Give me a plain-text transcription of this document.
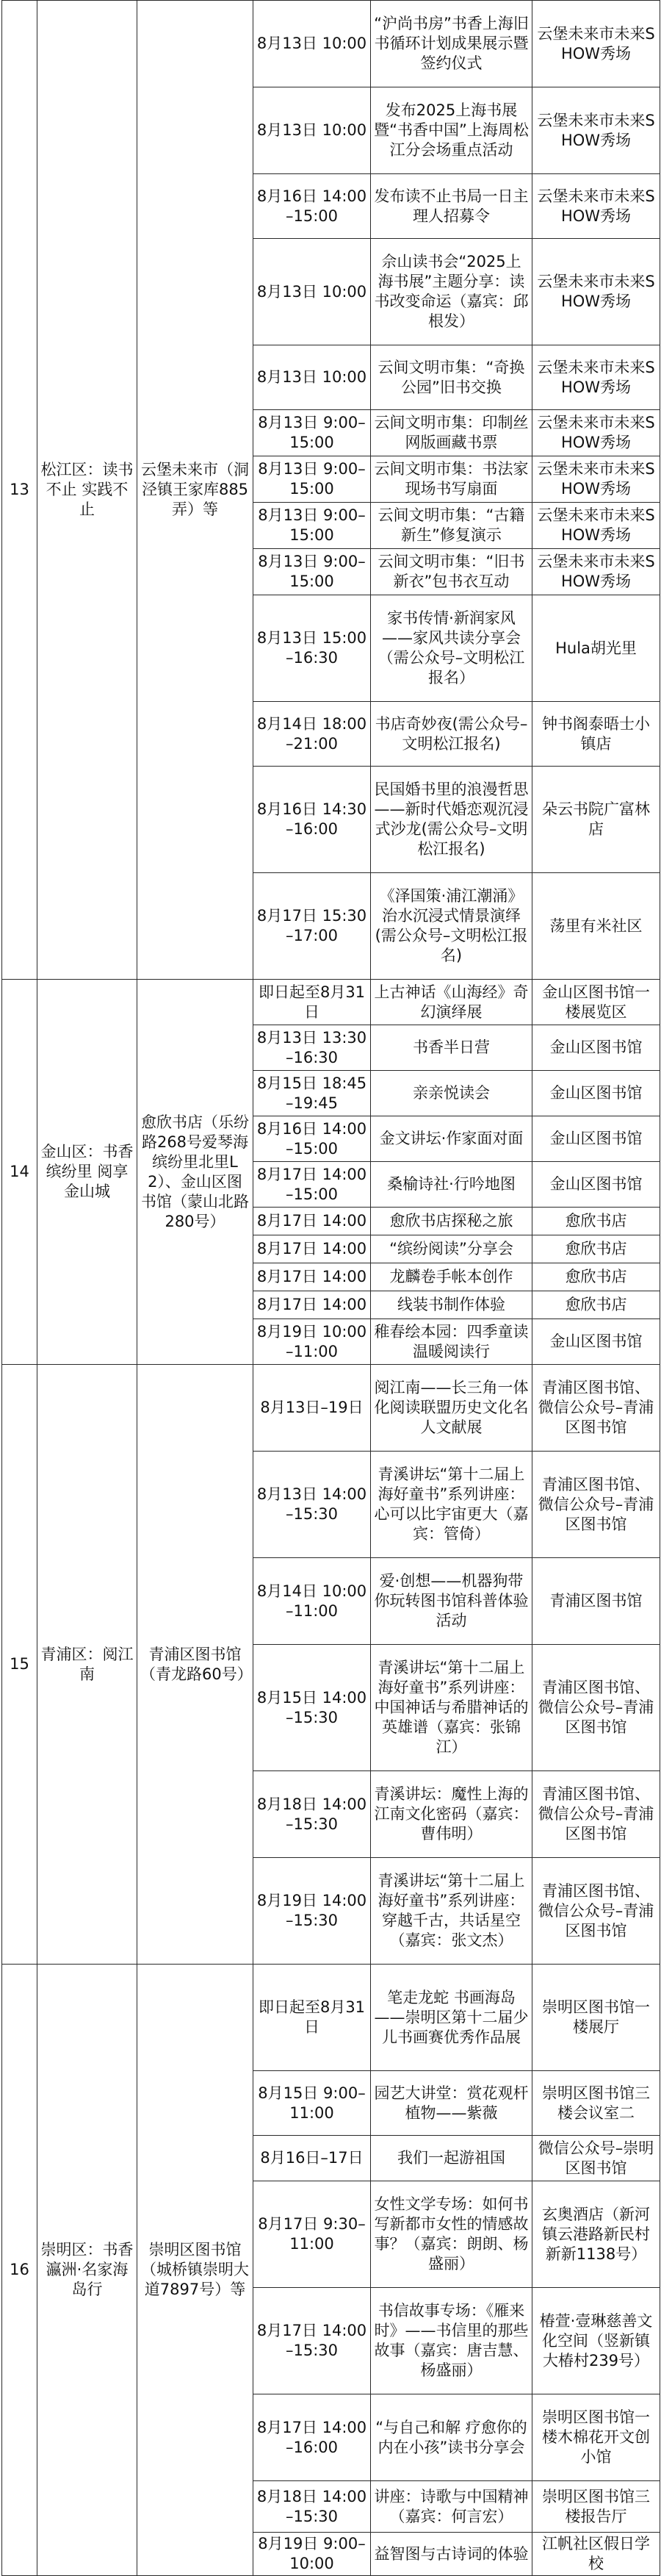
13	松江区：读书不止 实践不止	云堡未来市（洞泾镇王家库885弄）等	8月13日 10:00	“沪尚书房”书香上海旧书循环计划成果展示暨签约仪式	云堡未来市未来SHOW秀场
			8月13日 10:00	发布2025上海书展暨“书香中国”上海周松江分会场重点活动	云堡未来市未来SHOW秀场
			8月16日 14:00–15:00	发布读不止书局一日主理人招募令	云堡未来市未来SHOW秀场
			8月13日 10:00	佘山读书会“2025上海书展”主题分享：读书改变命运（嘉宾：邱根发）	云堡未来市未来SHOW秀场
			8月13日 10:00	云间文明市集：“奇换公园”旧书交换	云堡未来市未来SHOW秀场
			8月13日 9:00–15:00	云间文明市集：印制丝网版画藏书票	云堡未来市未来SHOW秀场
			8月13日 9:00–15:00	云间文明市集：书法家现场书写扇面	云堡未来市未来SHOW秀场
			8月13日 9:00–15:00	云间文明市集：“古籍新生”修复演示	云堡未来市未来SHOW秀场
			8月13日 9:00–15:00	云间文明市集：“旧书新衣”包书衣互动	云堡未来市未来SHOW秀场
			8月13日 15:00–16:30	家书传情·新润家风——家风共读分享会（需公众号–文明松江报名）	Hula胡光里
			8月14日 18:00–21:00	书店奇妙夜(需公众号–文明松江报名)	钟书阁泰晤士小镇店
			8月16日 14:30–16:00	民国婚书里的浪漫哲思——新时代婚恋观沉浸式沙龙(需公众号–文明松江报名)	朵云书院广富林店
			8月17日 15:30–17:00	《泽国策·浦江潮涌》治水沉浸式情景演绎(需公众号–文明松江报名)	荡里有米社区
14	金山区：书香缤纷里 阅享金山城	愈欣书店（乐纷路268号爱琴海缤纷里北里L2）、金山区图书馆（蒙山北路280号）	即日起至8月31日	上古神话《山海经》奇幻演绎展	金山区图书馆一楼展览区
			8月13日 13:30–16:30	书香半日营	金山区图书馆
			8月15日 18:45–19:45	亲亲悦读会	金山区图书馆
			8月16日 14:00–15:00	金文讲坛·作家面对面	金山区图书馆
			8月17日 14:00–15:00	桑榆诗社·行吟地图	金山区图书馆
			8月17日 14:00	愈欣书店探秘之旅	愈欣书店
			8月17日 14:00	“缤纷阅读”分享会	愈欣书店
			8月17日 14:00	龙麟卷手帐本创作	愈欣书店
			8月17日 14:00	线装书制作体验	愈欣书店
			8月19日 10:00–11:00	稚春绘本园：四季童读 温暖阅读行	金山区图书馆
15	青浦区：阅江南	青浦区图书馆（青龙路60号）	8月13日–19日	阅江南——长三角一体化阅读联盟历史文化名人文献展	青浦区图书馆、微信公众号–青浦区图书馆
			8月13日 14:00–15:30	青溪讲坛“第十二届上海好童书”系列讲座：心可以比宇宙更大（嘉宾：管倚）	青浦区图书馆、微信公众号–青浦区图书馆
			8月14日 10:00–11:00	爱·创想——机器狗带你玩转图书馆科普体验活动	青浦区图书馆
			8月15日 14:00–15:30	青溪讲坛“第十二届上海好童书”系列讲座：中国神话与希腊神话的英雄谱（嘉宾：张锦江）	青浦区图书馆、微信公众号–青浦区图书馆
			8月18日 14:00–15:30	青溪讲坛：魔性上海的江南文化密码（嘉宾：曹伟明）	青浦区图书馆、微信公众号–青浦区图书馆
			8月19日 14:00–15:30	青溪讲坛“第十二届上海好童书”系列讲座：穿越千古，共话星空（嘉宾：张文杰）	青浦区图书馆、微信公众号–青浦区图书馆
16	崇明区：书香瀛洲·名家海岛行	崇明区图书馆（城桥镇崇明大道7897号）等	即日起至8月31日	笔走龙蛇 书画海岛——崇明区第十二届少儿书画赛优秀作品展	崇明区图书馆一楼展厅
			8月15日 9:00–11:00	园艺大讲堂：赏花观杆植物——紫薇	崇明区图书馆三楼会议室二
			8月16日–17日	我们一起游祖国	微信公众号–崇明区图书馆
			8月17日 9:30–11:00	女性文学专场：如何书写新都市女性的情感故事？（嘉宾：朗朗、杨盛丽）	玄奥酒店（新河镇云港路新民村新新1138号）
			8月17日 14:00–15:30	书信故事专场：《雁来时》——书信里的那些故事（嘉宾：唐吉慧、杨盛丽）	椿萱·壹琳慈善文化空间（竖新镇大椿村239号）
			8月17日 14:00–16:00	“与自己和解 疗愈你的内在小孩”读书分享会	崇明区图书馆一楼木棉花开文创小馆
			8月18日 14:00–15:30	讲座：诗歌与中国精神（嘉宾：何言宏）	崇明区图书馆三楼报告厅
			8月19日 9:00–10:00	益智图与古诗词的体验	江帆社区假日学校
